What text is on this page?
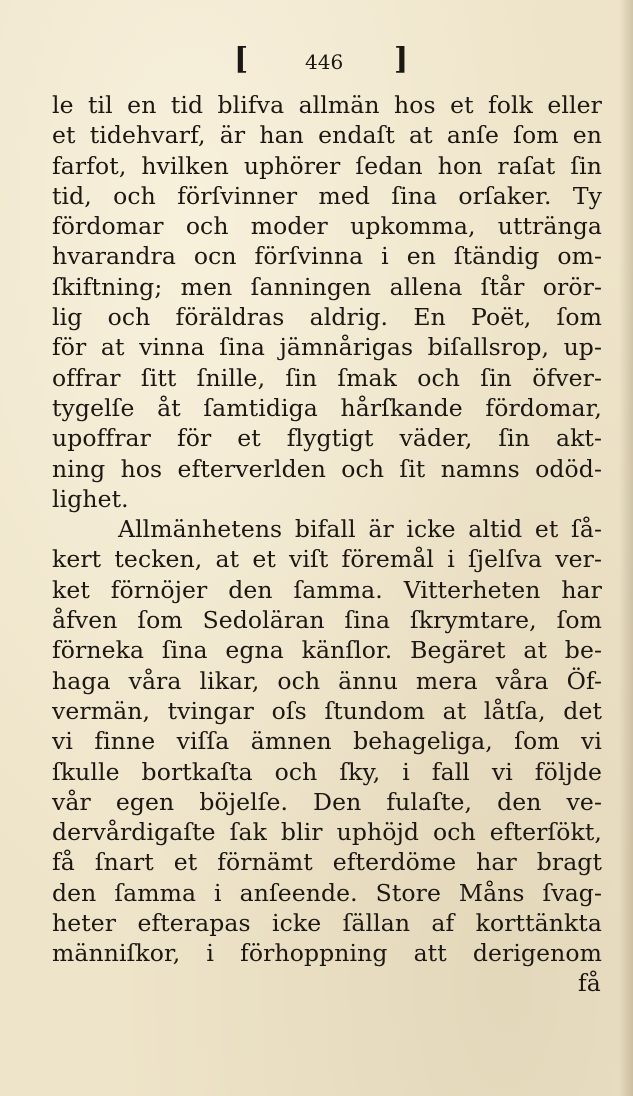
[	446 ]
le til en tid blifva allmän hos et folk eller
et tidehvarf, är han endaſt at anſe ſom en
farfot, hvilken uphörer ſedan hon raſat ſin
tid, och förſvinner med ſina orſaker. Ty
fördomar och moder upkomma, uttränga
hvarandra ocn förſvinna i en ſtändig om-
ſkiftning; men ſanningen allena ſtår orör-
lig och föräldras aldrig. En Poët, ſom
för at vinna ſina jämnårigas biſallsrop, up-
offrar ſitt ſnille, ſin ſmak och ſin öfver-
tygelſe åt ſamtidiga hårſkande fördomar,
upoffrar för et flygtigt väder, ſin akt-
ning hos efterverlden och ſit namns odöd-
lighet.
Allmänhetens bifall är icke altid et ſå-
kert tecken, at et viſt föremål i ſjelſva ver-
ket förnöjer den ſamma. Vitterheten har
åfven ſom Sedoläran ſina ſkrymtare, ſom
förneka ſina egna känſlor. Begäret at be-
haga våra likar, och ännu mera våra Öf-
vermän, tvingar oſs ſtundom at låtſa, det
vi finne viſſa ämnen behageliga, ſom vi
ſkulle bortkaſta och ſky, i fall vi följde
vår egen böjelſe. Den fulaſte, den ve-
dervårdigaſte ſak blir uphöjd och efterſökt,
få ſnart et förnämt efterdöme har bragt
den ſamma i anſeende. Store Måns ſvag-
heter efterapas icke ſällan af korttänkta
männiſkor, i förhoppning att derigenom
få
